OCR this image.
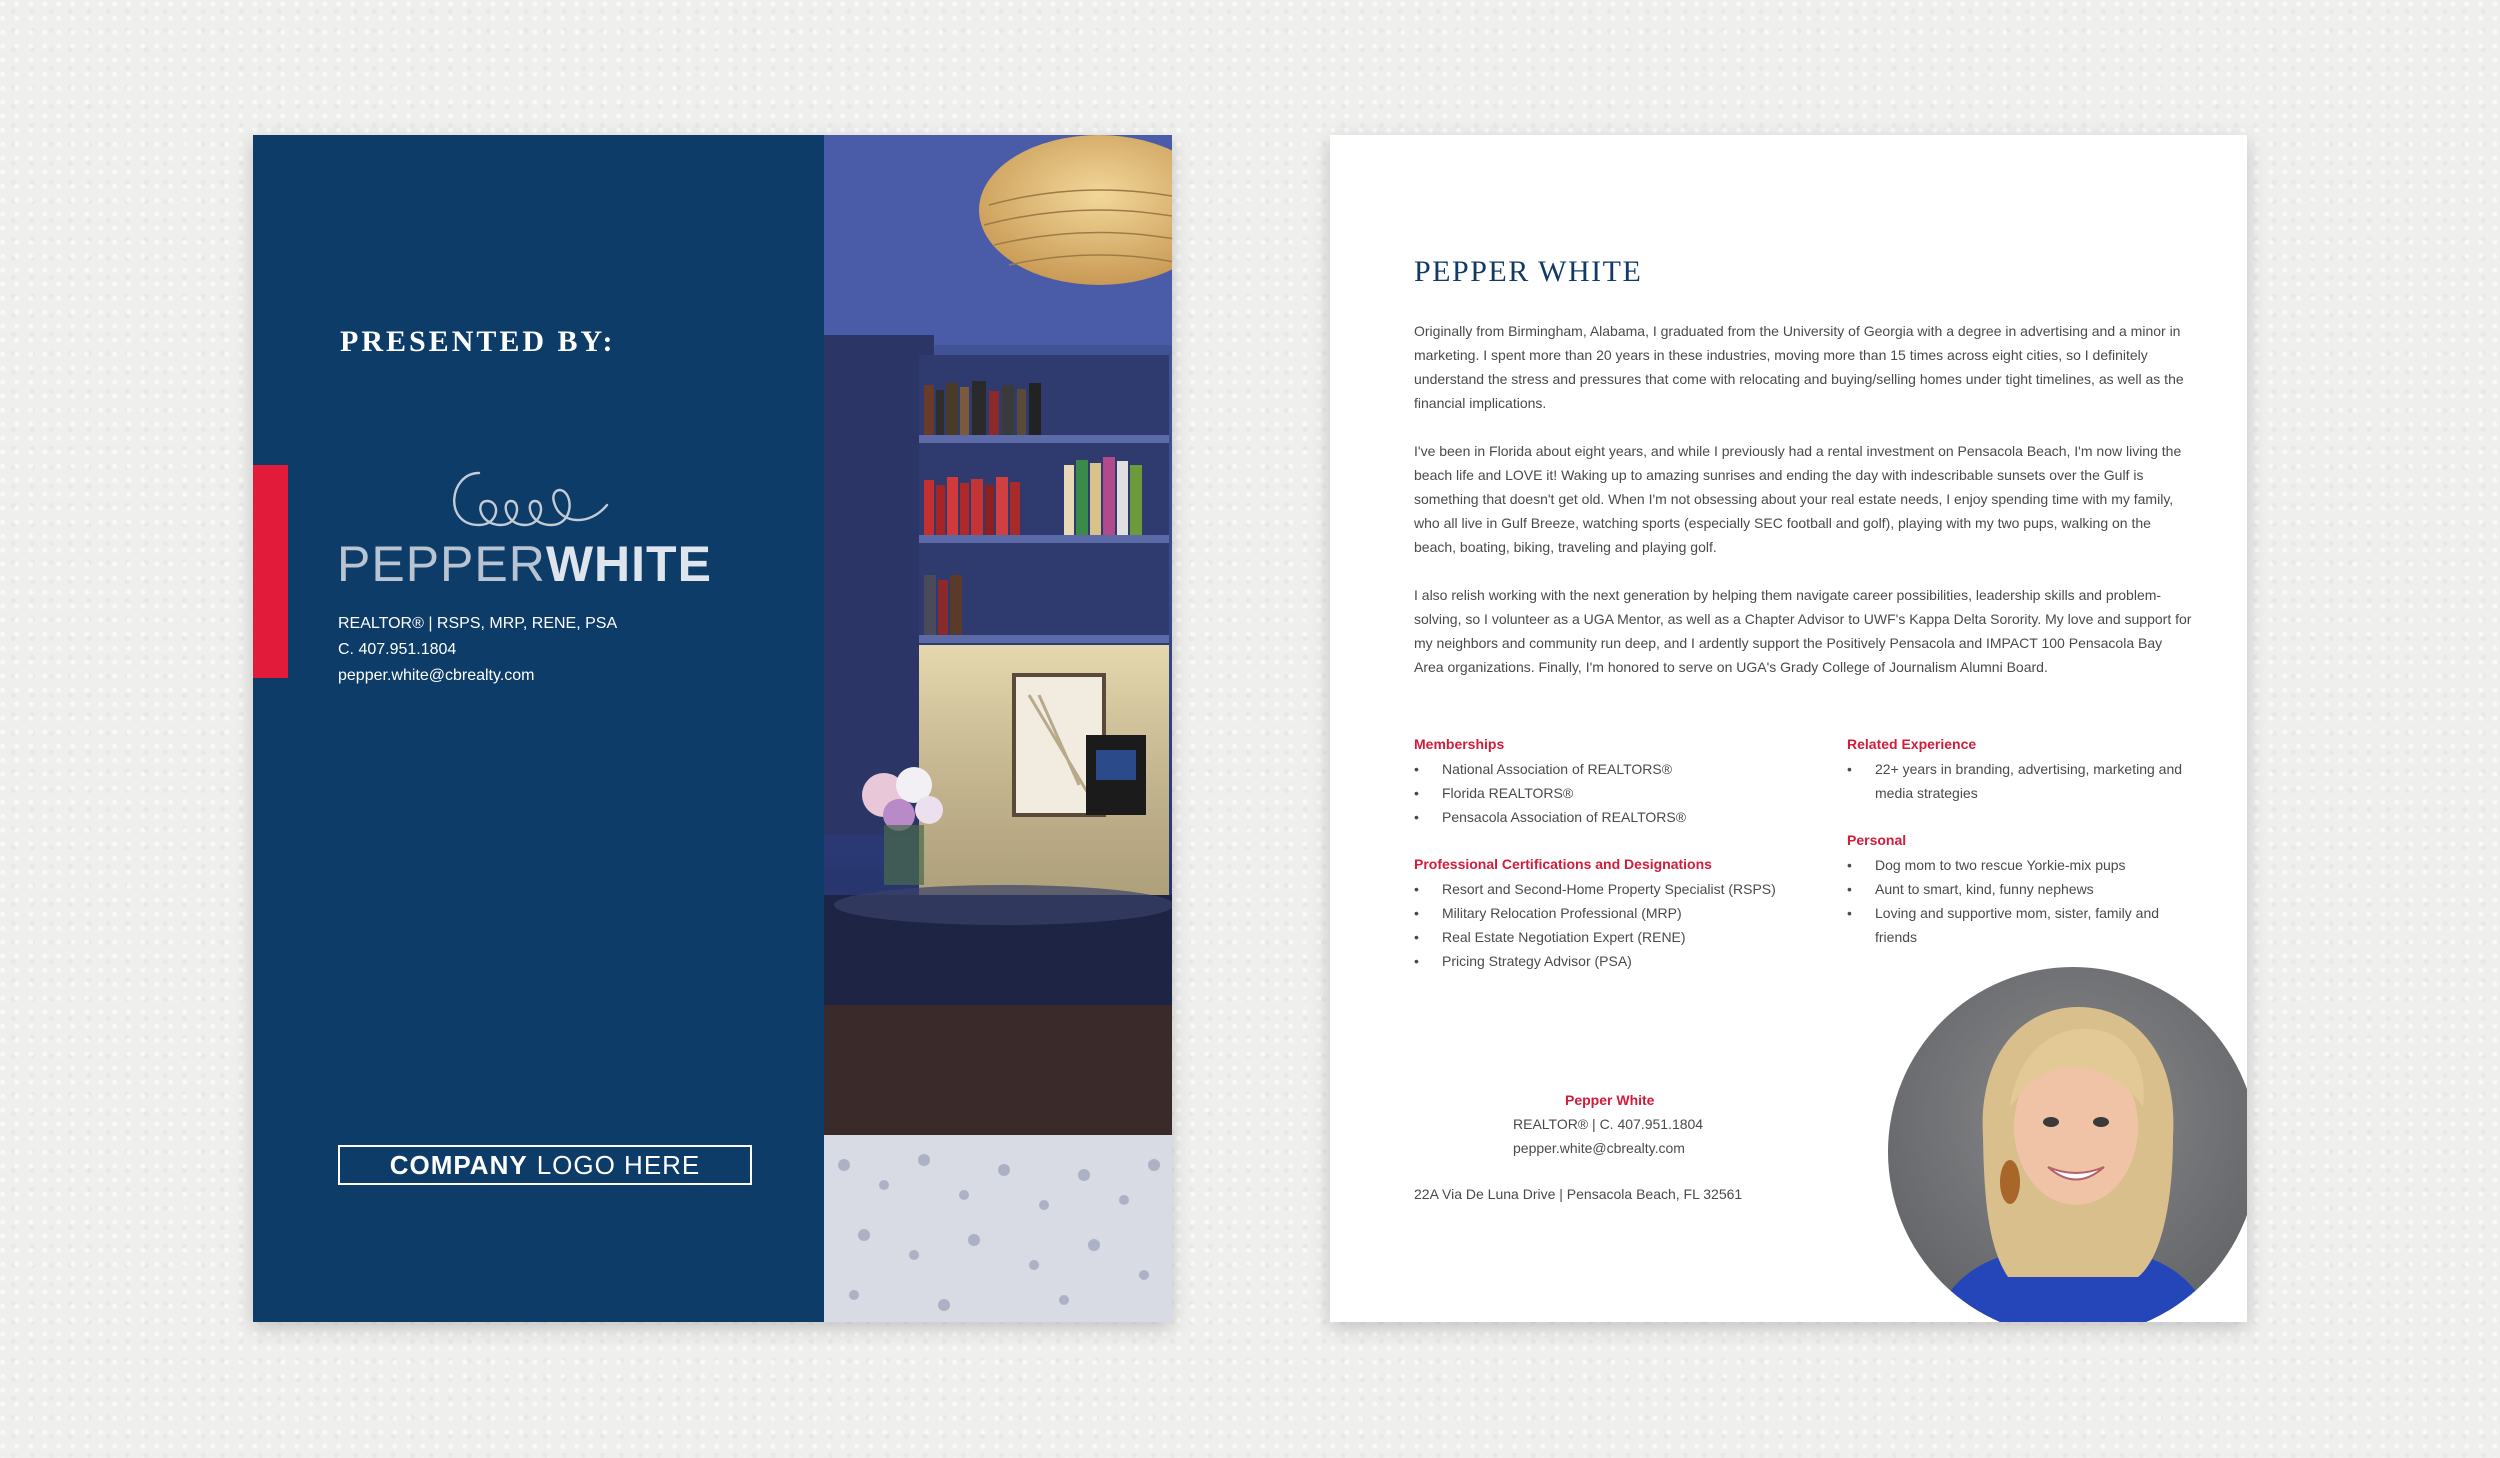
PRESENTED BY:
PEPPERWHITE
REALTOR® | RSPS, MRP, RENE, PSA
C. 407.951.1804
pepper.white@cbrealty.com
COMPANY LOGO HERE
PEPPER WHITE
Originally from Birmingham, Alabama, I graduated from the University of Georgia with a degree in advertising and a minor in marketing. I spent more than 20 years in these industries, moving more than 15 times across eight cities, so I definitely understand the stress and pressures that come with relocating and buying/selling homes under tight timelines, as well as the financial implications.
I've been in Florida about eight years, and while I previously had a rental investment on Pensacola Beach, I'm now living the beach life and LOVE it! Waking up to amazing sunrises and ending the day with indescribable sunsets over the Gulf is something that doesn't get old. When I'm not obsessing about your real estate needs, I enjoy spending time with my family, who all live in Gulf Breeze, watching sports (especially SEC football and golf), playing with my two pups, walking on the beach, boating, biking, traveling and playing golf.
I also relish working with the next generation by helping them navigate career possibilities, leadership skills and problem-solving, so I volunteer as a UGA Mentor, as well as a Chapter Advisor to UWF's Kappa Delta Sorority. My love and support for my neighbors and community run deep, and I ardently support the Positively Pensacola and IMPACT 100 Pensacola Bay Area organizations. Finally, I'm honored to serve on UGA's Grady College of Journalism Alumni Board.
Memberships
• National Association of REALTORS®
• Florida REALTORS®
• Pensacola Association of REALTORS®
Professional Certifications and Designations
• Resort and Second-Home Property Specialist (RSPS)
• Military Relocation Professional (MRP)
• Real Estate Negotiation Expert (RENE)
• Pricing Strategy Advisor (PSA)
Related Experience
• 22+ years in branding, advertising, marketing and media strategies
Personal
• Dog mom to two rescue Yorkie-mix pups
• Aunt to smart, kind, funny nephews
• Loving and supportive mom, sister, family and friends
Pepper White
REALTOR® | C. 407.951.1804
pepper.white@cbrealty.com
22A Via De Luna Drive | Pensacola Beach, FL 32561
